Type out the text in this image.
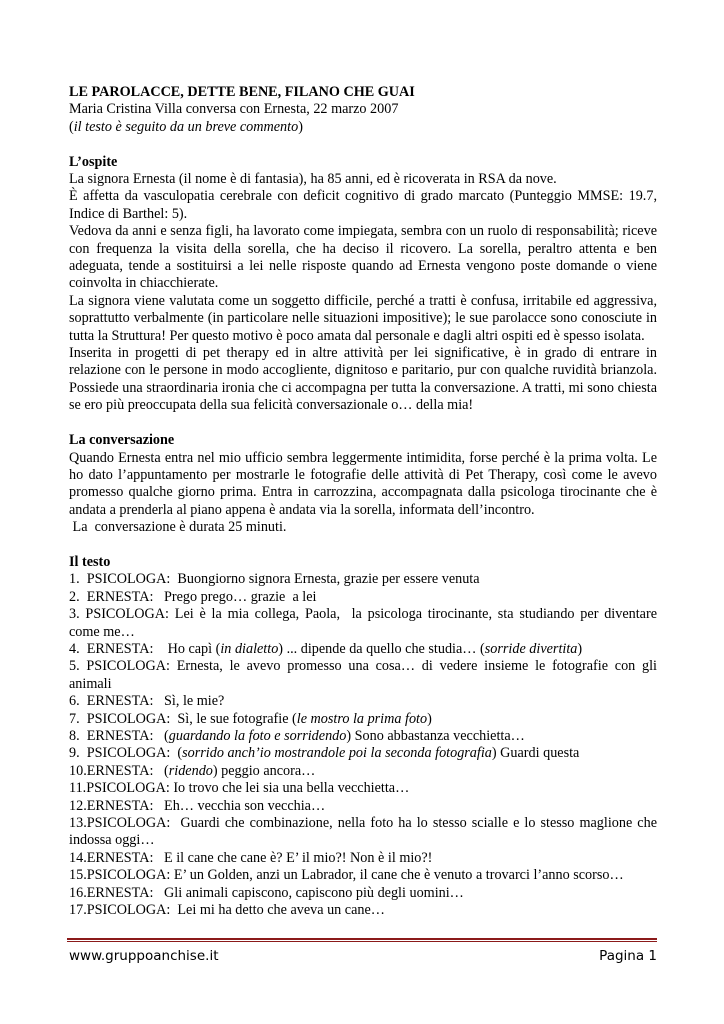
LE PAROLACCE, DETTE BENE, FILANO CHE GUAI

Maria Cristina Villa conversa con Ernesta, 22 marzo 2007

(il testo è seguito da un breve commento)

L’ospite

La signora Ernesta (il nome è di fantasia), ha 85 anni, ed è ricoverata in RSA da nove.

È affetta da vasculopatia cerebrale con deficit cognitivo di grado marcato (Punteggio MMSE: 19.7, Indice di Barthel: 5).

Vedova da anni e senza figli, ha lavorato come impiegata, sembra con un ruolo di responsabilità; riceve con frequenza la visita della sorella, che ha deciso il ricovero. La sorella, peraltro attenta e ben adeguata, tende a sostituirsi a lei nelle risposte quando ad Ernesta vengono poste domande o viene coinvolta in chiacchierate.

La signora viene valutata come un soggetto difficile, perché a tratti è confusa, irritabile ed aggressiva, soprattutto verbalmente (in particolare nelle situazioni impositive); le sue parolacce sono conosciute in tutta la Struttura! Per questo motivo è poco amata dal personale e dagli altri ospiti ed è spesso isolata.

Inserita in progetti di pet therapy ed in altre attività per lei significative, è in grado di entrare in relazione con le persone in modo accogliente, dignitoso e paritario, pur con qualche ruvidità brianzola. Possiede una straordinaria ironia che ci accompagna per tutta la conversazione. A tratti, mi sono chiesta se ero più preoccupata della sua felicità conversazionale o… della mia!

La conversazione

Quando Ernesta entra nel mio ufficio sembra leggermente intimidita, forse perché è la prima volta. Le ho dato l’appuntamento per mostrarle le fotografie delle attività di Pet Therapy, così come le avevo promesso qualche giorno prima. Entra in carrozzina, accompagnata dalla psicologa tirocinante che è andata a prenderla al piano appena è andata via la sorella, informata dell’incontro.

La  conversazione è durata 25 minuti.

Il testo

1.  PSICOLOGA:  Buongiorno signora Ernesta, grazie per essere venuta

2.  ERNESTA:   Prego prego… grazie  a lei

3. PSICOLOGA: Lei è la mia collega, Paola,  la psicologa tirocinante, sta studiando per diventare come me…

4.  ERNESTA:    Ho capì (in dialetto) ... dipende da quello che studia… (sorride divertita)

5. PSICOLOGA: Ernesta, le avevo promesso una cosa… di vedere insieme le fotografie con gli animali

6.  ERNESTA:   Sì, le mie?

7.  PSICOLOGA:  Sì, le sue fotografie (le mostro la prima foto)

8.  ERNESTA:   (guardando la foto e sorridendo) Sono abbastanza vecchietta…

9.  PSICOLOGA:  (sorrido anch’io mostrandole poi la seconda fotografia) Guardi questa

10.ERNESTA:   (ridendo) peggio ancora…

11.PSICOLOGA: Io trovo che lei sia una bella vecchietta…

12.ERNESTA:   Eh… vecchia son vecchia…

13.PSICOLOGA:  Guardi che combinazione, nella foto ha lo stesso scialle e lo stesso maglione che indossa oggi…

14.ERNESTA:   E il cane che cane è? E’ il mio?! Non è il mio?!

15.PSICOLOGA: E’ un Golden, anzi un Labrador, il cane che è venuto a trovarci l’anno scorso…

16.ERNESTA:   Gli animali capiscono, capiscono più degli uomini…

17.PSICOLOGA:  Lei mi ha detto che aveva un cane…

www.gruppoanchise.it	Pagina 1
